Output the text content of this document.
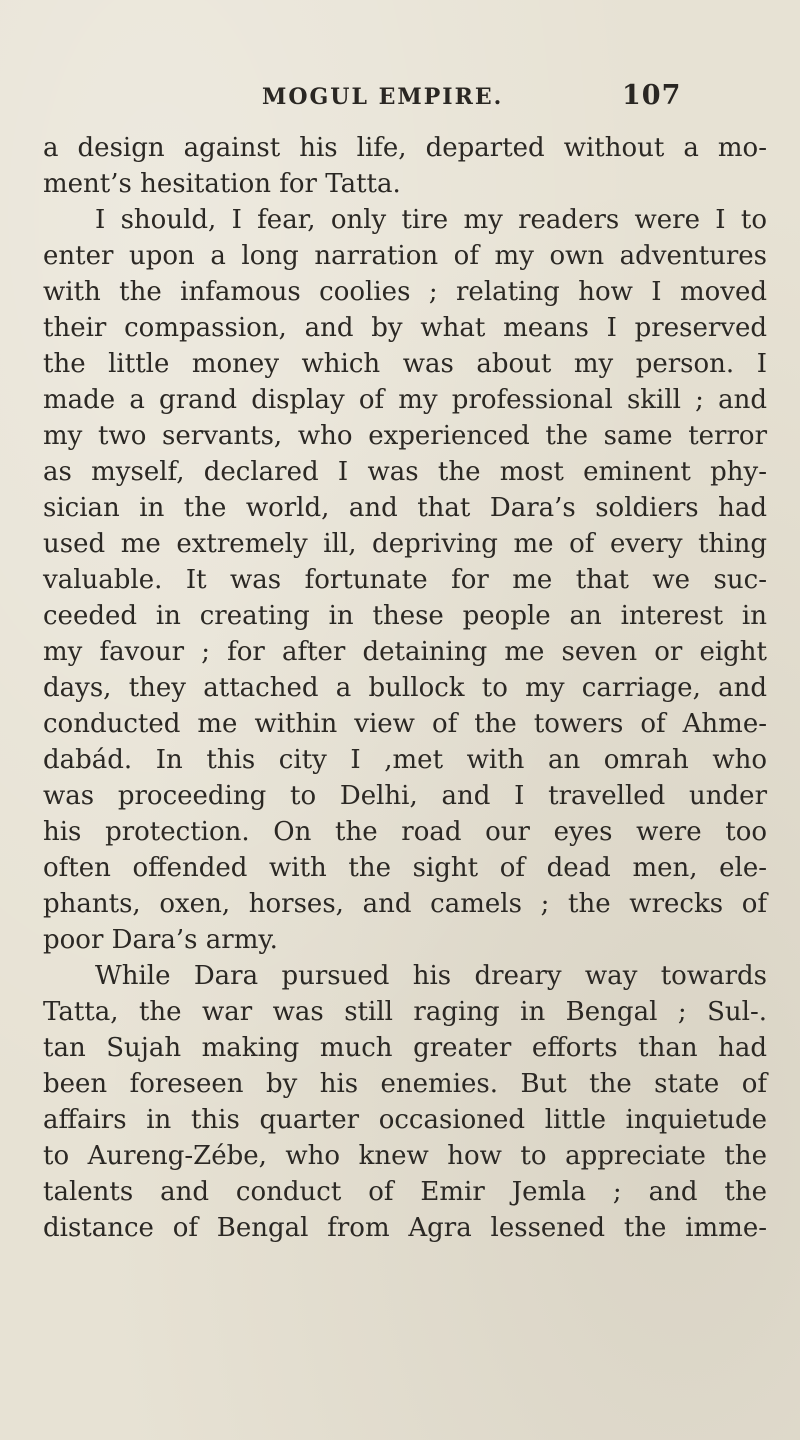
MOGUL EMPIRE.	107
a design against his life, departed without a mo-
ment’s hesitation for Tatta.
I should, I fear, only tire my readers were I to
enter upon a long narration of my own adventures
with the infamous coolies ; relating how I moved
their compassion, and by what means I preserved
the little money which was about my person. I
made a grand display of my professional skill ; and
my two servants, who experienced the same terror
as myself, declared I was the most eminent phy-
sician in the world, and that Dara’s soldiers had
used me extremely ill, depriving me of every thing
valuable. It was fortunate for me that we suc-
ceeded in creating in these people an interest in
my favour ; for after detaining me seven or eight
days, they attached a bullock to my carriage, and
conducted me within view of the towers of Ahme-
dabád. In this city I ,met with an omrah who
was proceeding to Delhi, and I travelled under
his protection. On the road our eyes were too
often offended with the sight of dead men, ele-
phants, oxen, horses, and camels ; the wrecks of
poor Dara’s army.
While Dara pursued his dreary way towards
Tatta, the war was still raging in Bengal ; Sul-.
tan Sujah making much greater efforts than had
been foreseen by his enemies. But the state of
affairs in this quarter occasioned little inquietude
to Aureng-Zébe, who knew how to appreciate the
talents and conduct of Emir Jemla ; and the
distance of Bengal from Agra lessened the imme-
